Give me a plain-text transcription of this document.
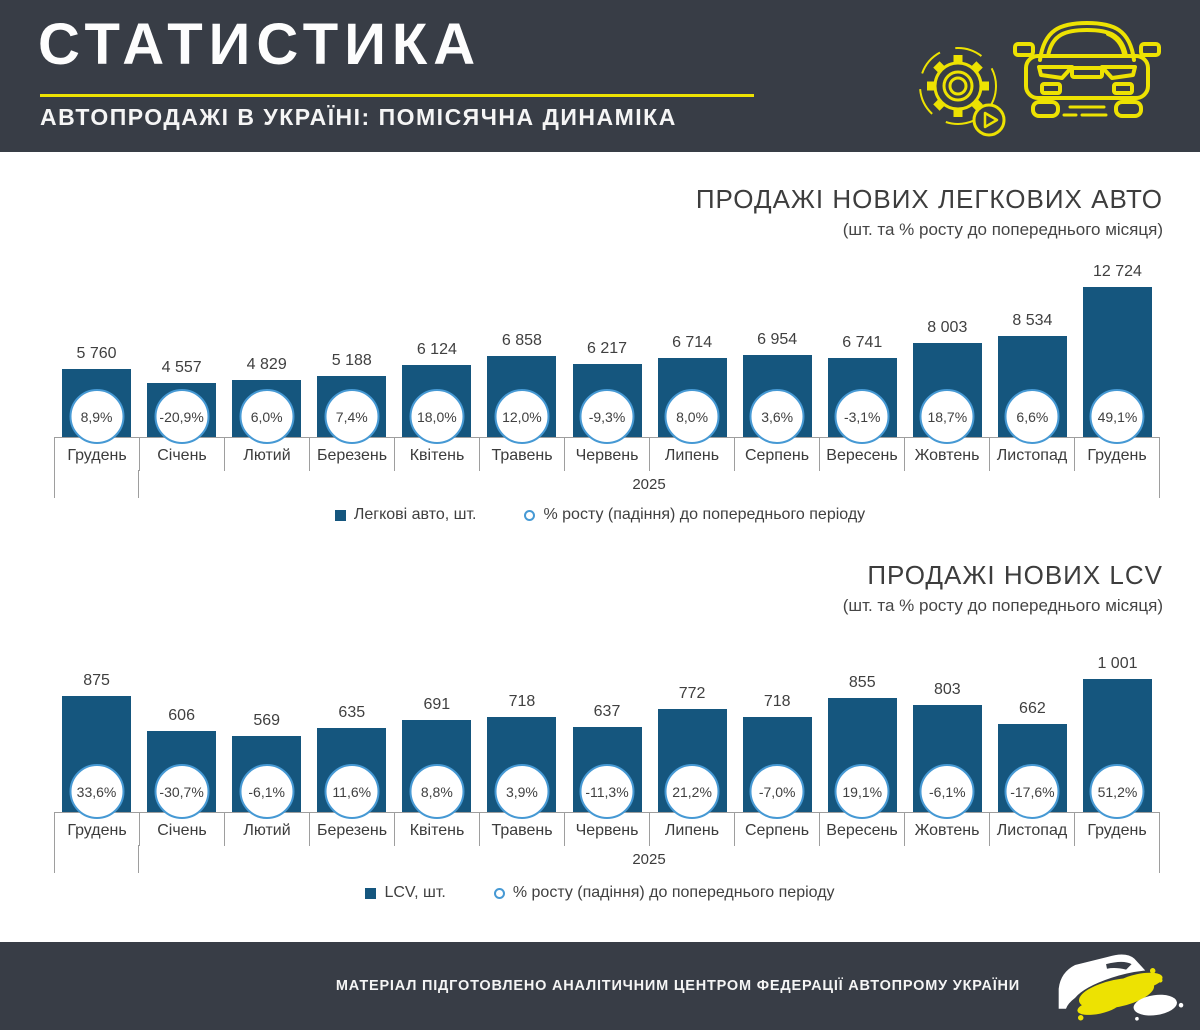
СТАТИСТИКА
АВТОПРОДАЖІ В УКРАЇНІ: ПОМІСЯЧНА ДИНАМІКА
ПРОДАЖІ НОВИХ ЛЕГКОВИХ АВТО
(шт. та % росту до попереднього місяця)
5 760
8,9%
4 557
-20,9%
4 829
6,0%
5 188
7,4%
6 124
18,0%
6 858
12,0%
6 217
-9,3%
6 714
8,0%
6 954
3,6%
6 741
-3,1%
8 003
18,7%
8 534
6,6%
12 724
49,1%
Грудень	Січень	Лютий	Березень	Квітень	Травень	Червень	Липень	Серпень	Вересень	Жовтень	Листопад	Грудень
2025
Легкові авто, шт.	% росту (падіння) до попереднього періоду
ПРОДАЖІ НОВИХ LCV
(шт. та % росту до попереднього місяця)
875
33,6%
606
-30,7%
569
-6,1%
635
11,6%
691
8,8%
718
3,9%
637
-11,3%
772
21,2%
718
-7,0%
855
19,1%
803
-6,1%
662
-17,6%
1 001
51,2%
Грудень	Січень	Лютий	Березень	Квітень	Травень	Червень	Липень	Серпень	Вересень	Жовтень	Листопад	Грудень
2025
LCV, шт.	% росту (падіння) до попереднього періоду
МАТЕРІАЛ ПІДГОТОВЛЕНО АНАЛІТИЧНИМ ЦЕНТРОМ ФЕДЕРАЦІЇ АВТОПРОМУ УКРАЇНИ
